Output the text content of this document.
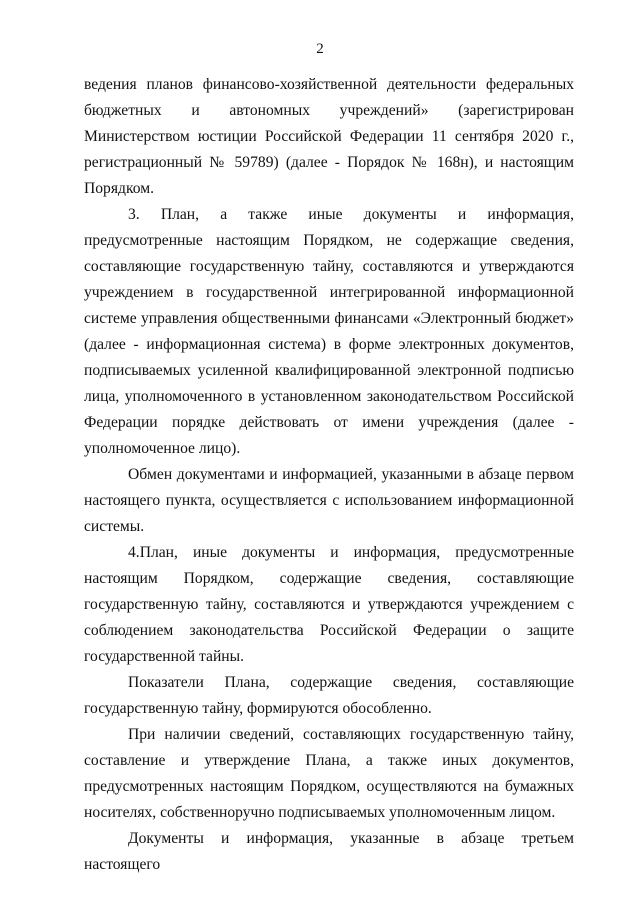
2

ведения планов финансово-хозяйственной деятельности федеральных бюджетных и автономных учреждений» (зарегистрирован Министерством юстиции Российской Федерации 11 сентября 2020 г., регистрационный № 59789) (далее - Порядок № 168н), и настоящим Порядком.

3. План, а также иные документы и информация, предусмотренные настоящим Порядком, не содержащие сведения, составляющие государственную тайну, составляются и утверждаются учреждением в государственной интегрированной информационной системе управления общественными финансами «Электронный бюджет» (далее - информационная система) в форме электронных документов, подписываемых усиленной квалифицированной электронной подписью лица, уполномоченного в установленном законодательством Российской Федерации порядке действовать от имени учреждения (далее - уполномоченное лицо).

Обмен документами и информацией, указанными в абзаце первом настоящего пункта, осуществляется с использованием информационной системы.

4.План, иные документы и информация, предусмотренные настоящим Порядком, содержащие сведения, составляющие государственную тайну, составляются и утверждаются учреждением с соблюдением законодательства Российской Федерации о защите государственной тайны.

Показатели Плана, содержащие сведения, составляющие государственную тайну, формируются обособленно.

При наличии сведений, составляющих государственную тайну, составление и утверждение Плана, а также иных документов, предусмотренных настоящим Порядком, осуществляются на бумажных носителях, собственноручно подписываемых уполномоченным лицом.

Документы и информация, указанные в абзаце третьем настоящего
